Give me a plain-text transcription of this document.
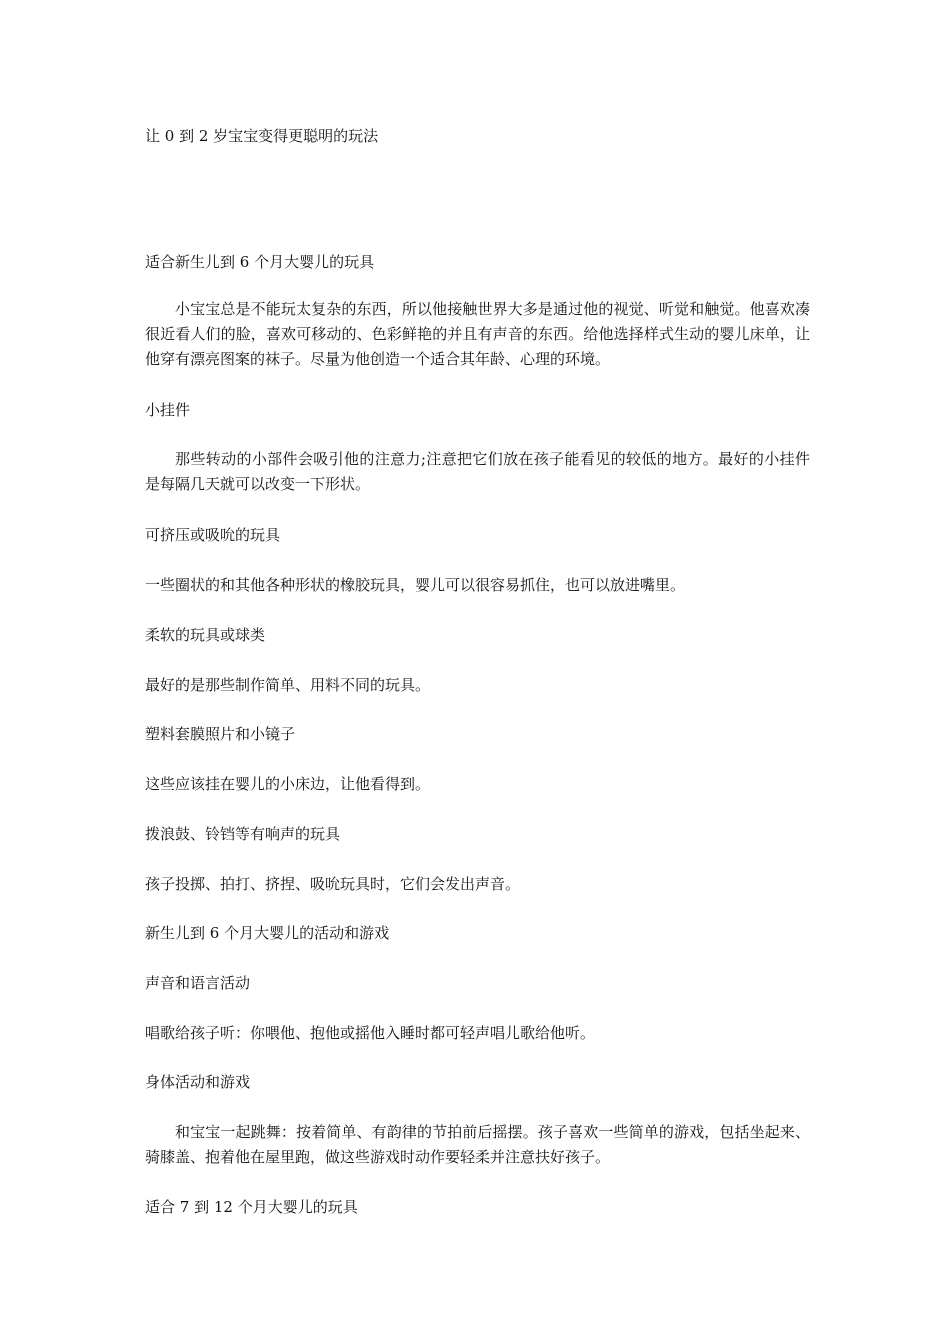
让 0 到 2 岁宝宝变得更聪明的玩法

适合新生儿到 6 个月大婴儿的玩具

小宝宝总是不能玩太复杂的东西，所以他接触世界大多是通过他的视觉、听觉和触觉。他喜欢凑很近看人们的脸，喜欢可移动的、色彩鲜艳的并且有声音的东西。给他选择样式生动的婴儿床单，让他穿有漂亮图案的袜子。尽量为他创造一个适合其年龄、心理的环境。

小挂件

那些转动的小部件会吸引他的注意力;注意把它们放在孩子能看见的较低的地方。最好的小挂件是每隔几天就可以改变一下形状。

可挤压或吸吮的玩具

一些圈状的和其他各种形状的橡胶玩具，婴儿可以很容易抓住，也可以放进嘴里。

柔软的玩具或球类

最好的是那些制作简单、用料不同的玩具。

塑料套膜照片和小镜子

这些应该挂在婴儿的小床边，让他看得到。

拨浪鼓、铃铛等有响声的玩具

孩子投掷、拍打、挤捏、吸吮玩具时，它们会发出声音。

新生儿到 6 个月大婴儿的活动和游戏

声音和语言活动

唱歌给孩子听：你喂他、抱他或摇他入睡时都可轻声唱儿歌给他听。

身体活动和游戏

和宝宝一起跳舞：按着简单、有韵律的节拍前后摇摆。孩子喜欢一些简单的游戏，包括坐起来、骑膝盖、抱着他在屋里跑，做这些游戏时动作要轻柔并注意扶好孩子。

适合 7 到 12 个月大婴儿的玩具
